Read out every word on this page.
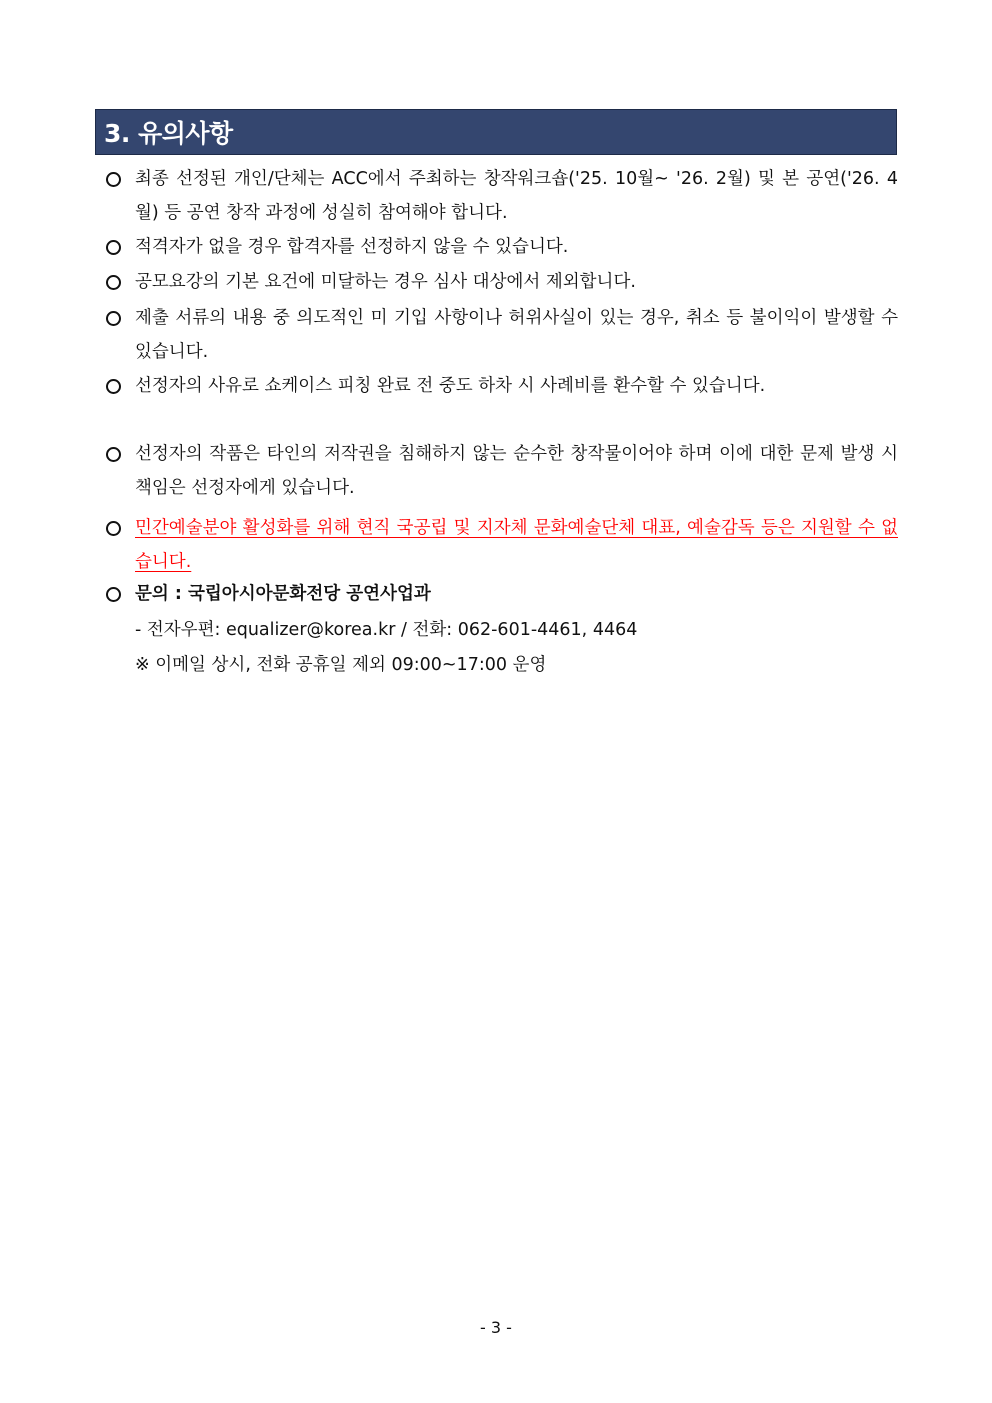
3. 유의사항
최종 선정된 개인/단체는 ACC에서 주최하는 창작워크숍('25. 10월~ '26. 2월) 및 본 공연('26. 4월) 등 공연 창작 과정에 성실히 참여해야 합니다.
적격자가 없을 경우 합격자를 선정하지 않을 수 있습니다.
공모요강의 기본 요건에 미달하는 경우 심사 대상에서 제외합니다.
제출 서류의 내용 중 의도적인 미 기입 사항이나 허위사실이 있는 경우, 취소 등 불이익이 발생할 수 있습니다.
선정자의 사유로 쇼케이스 피칭 완료 전 중도 하차 시 사례비를 환수할 수 있습니다.
선정자의 작품은 타인의 저작권을 침해하지 않는 순수한 창작물이어야 하며 이에 대한 문제 발생 시 책임은 선정자에게 있습니다.
민간예술분야 활성화를 위해 현직 국공립 및 지자체 문화예술단체 대표, 예술감독 등은 지원할 수 없습니다.
문의 : 국립아시아문화전당 공연사업과
- 전자우편: equalizer@korea.kr / 전화: 062-601-4461, 4464
※ 이메일 상시, 전화 공휴일 제외 09:00~17:00 운영
- 3 -
